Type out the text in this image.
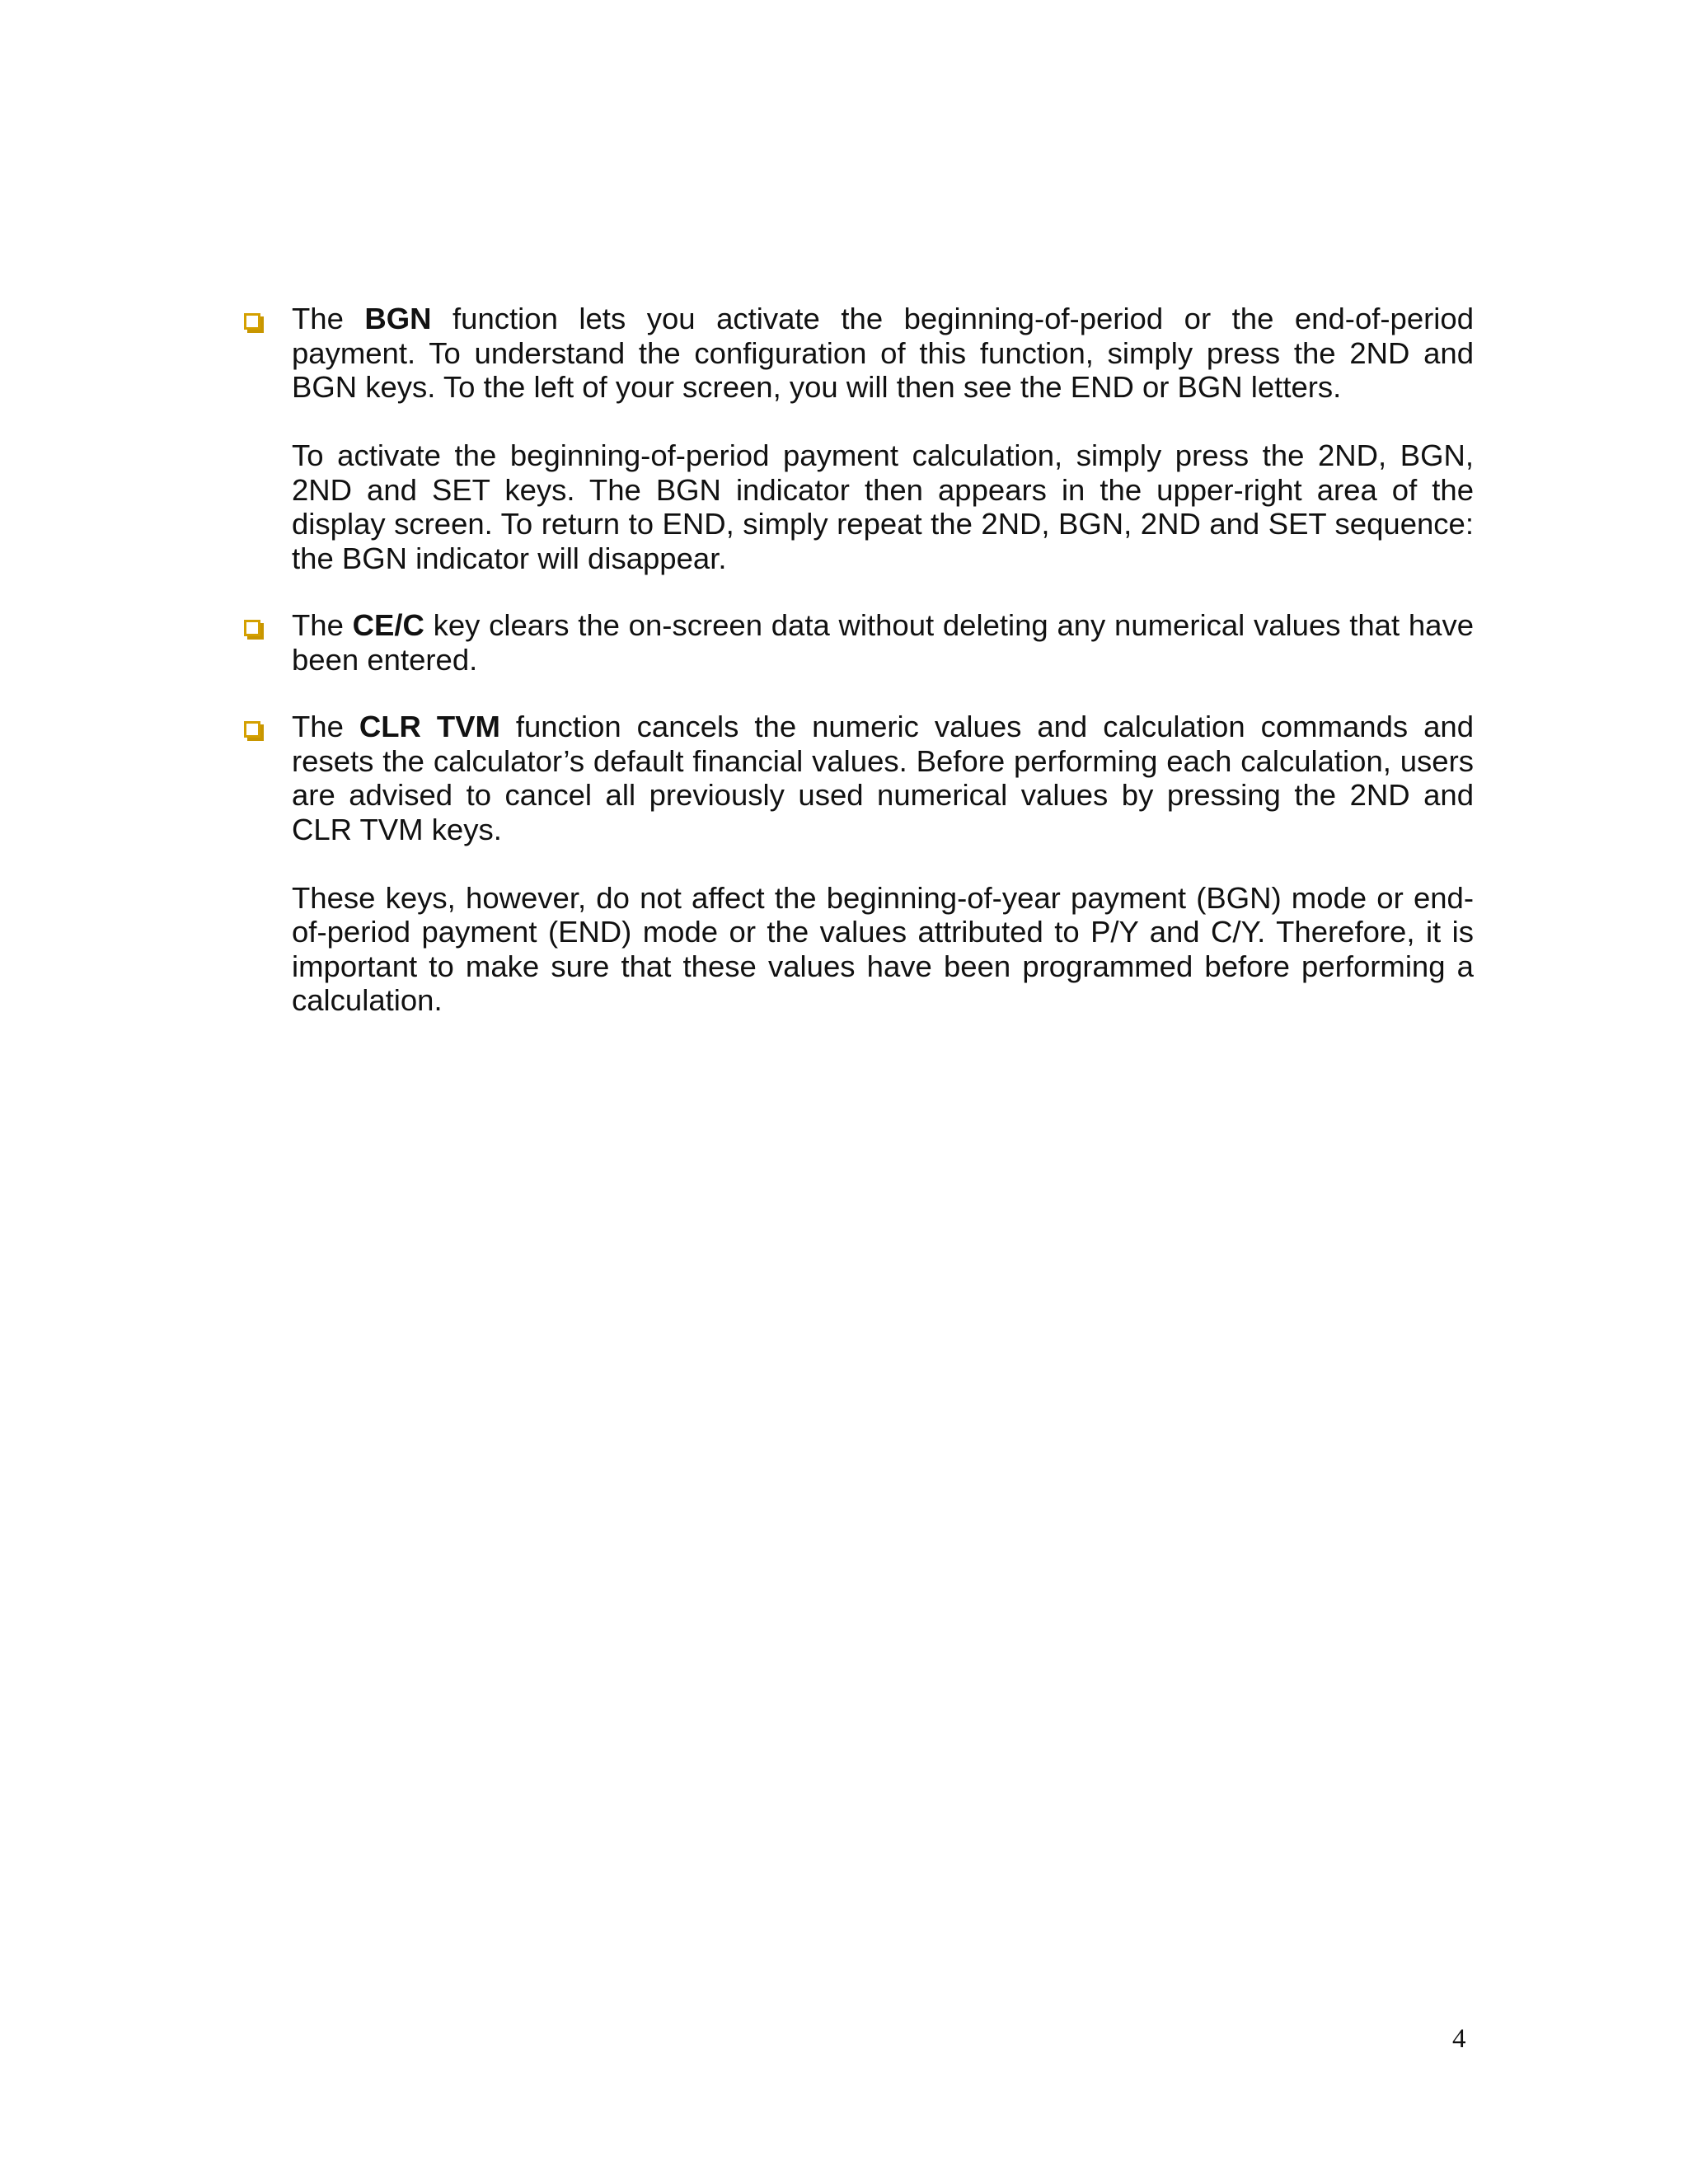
The BGN function lets you activate the beginning-of-period or the end-of-period payment. To understand the configuration of this function, simply press the 2ND and BGN keys. To the left of your screen, you will then see the END or BGN letters.

To activate the beginning-of-period payment calculation, simply press the 2ND, BGN, 2ND and SET keys. The BGN indicator then appears in the upper-right area of the display screen. To return to END, simply repeat the 2ND, BGN, 2ND and SET sequence: the BGN indicator will disappear.

The CE/C key clears the on-screen data without deleting any numerical values that have been entered.

The CLR TVM function cancels the numeric values and calculation commands and resets the calculator’s default financial values. Before performing each calculation, users are advised to cancel all previously used numerical values by pressing the 2ND and CLR TVM keys.

These keys, however, do not affect the beginning-of-year payment (BGN) mode or end-of-period payment (END) mode or the values attributed to P/Y and C/Y. Therefore, it is important to make sure that these values have been programmed before performing a calculation.

4
